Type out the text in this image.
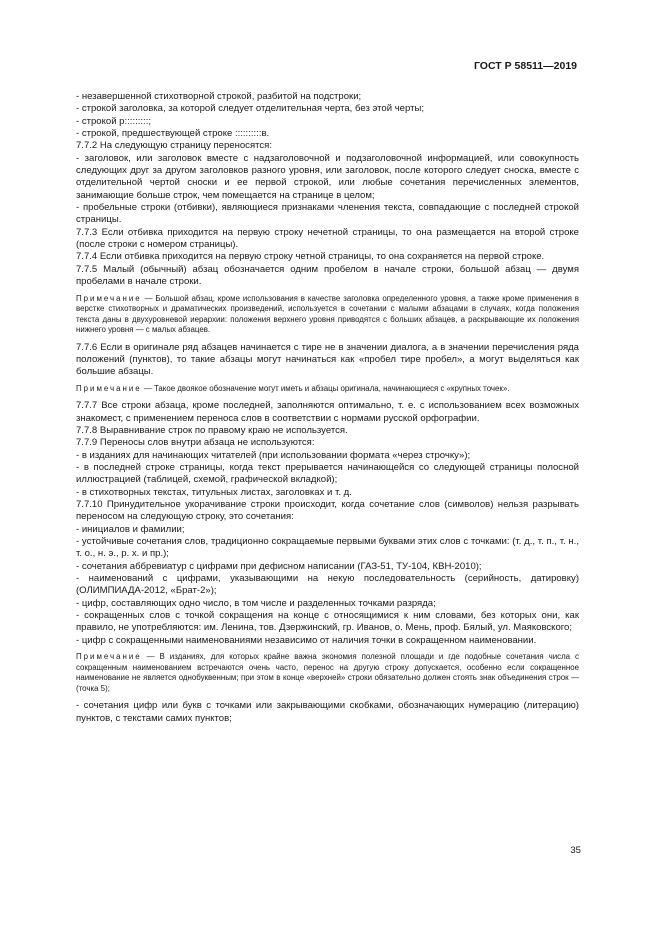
ГОСТ Р 58511—2019

- незавершенной стихотворной строкой, разбитой на подстроки;

- строкой заголовка, за которой следует отделительная черта, без этой черты;

- строкой р:::::::::;

- строкой, предшествующей строке ::::::::::в.

7.7.2 На следующую страницу переносятся:

- заголовок, или заголовок вместе с надзаголовочной и подзаголовочной информацией, или совокупность следующих друг за другом заголовков разного уровня, или заголовок, после которого следует сноска, вместе с отделительной чертой сноски и ее первой строкой, или любые сочетания перечисленных элементов, занимающие больше строк, чем помещается на странице в целом;

- пробельные строки (отбивки), являющиеся признаками членения текста, совпадающие с последней строкой страницы.

7.7.3 Если отбивка приходится на первую строку нечетной страницы, то она размещается на второй строке (после строки с номером страницы).

7.7.4 Если отбивка приходится на первую строку четной страницы, то она сохраняется на первой строке.

7.7.5 Малый (обычный) абзац обозначается одним пробелом в начале строки, большой абзац — двумя пробелами в начале строки.

Примечание — Большой абзац, кроме использования в качестве заголовка определенного уровня, а также кроме применения в верстке стихотворных и драматических произведений, используется в сочетании с малыми абзацами в случаях, когда положения текста даны в двухуровневой иерархии: положения верхнего уровня приводятся с больших абзацев, а раскрывающие их положения нижнего уровня — с малых абзацев.

7.7.6 Если в оригинале ряд абзацев начинается с тире не в значении диалога, а в значении перечисления ряда положений (пунктов), то такие абзацы могут начинаться как «пробел тире пробел», а могут выделяться как большие абзацы.

Примечание — Такое двоякое обозначение могут иметь и абзацы оригинала, начинающиеся с «крупных точек».

7.7.7 Все строки абзаца, кроме последней, заполняются оптимально, т. е. с использованием всех возможных знакомест, с применением переноса слов в соответствии с нормами русской орфографии.

7.7.8 Выравнивание строк по правому краю не используется.

7.7.9 Переносы слов внутри абзаца не используются:

- в изданиях для начинающих читателей (при использовании формата «через строчку»);

- в последней строке страницы, когда текст прерывается начинающейся со следующей страницы полосной иллюстрацией (таблицей, схемой, графической вкладкой);

- в стихотворных текстах, титульных листах, заголовках и т. д.

7.7.10 Принудительное укорачивание строки происходит, когда сочетание слов (символов) нельзя разрывать переносом на следующую строку, это сочетания:

- инициалов и фамилии;

- устойчивые сочетания слов, традиционно сокращаемые первыми буквами этих слов с точками: (т. д., т. п., т. н., т. о., н. э., р. х. и пр.);

- сочетания аббревиатур с цифрами при дефисном написании (ГАЗ-51, ТУ-104, КВН-2010);

- наименований с цифрами, указывающими на некую последовательность (серийность, датировку) (ОЛИМПИАДА-2012, «Брат-2»);

- цифр, составляющих одно число, в том числе и разделенных точками разряда;

- сокращенных слов с точкой сокращения на конце с относящимися к ним словами, без которых они, как правило, не употребляются: им. Ленина, тов. Дзержинский, гр. Иванов, о. Мень, проф. Бялый, ул. Маяковского;

- цифр с сокращенными наименованиями независимо от наличия точки в сокращенном наименовании.

Примечание — В изданиях, для которых крайне важна экономия полезной площади и где подобные сочетания числа с сокращенным наименованием встречаются очень часто, перенос на другую строку допускается, особенно если сокращенное наименование не является однобуквенным; при этом в конце «верхней» строки обязательно должен стоять знак объединения строк — (точка 5);

- сочетания цифр или букв с точками или закрывающими скобками, обозначающих нумерацию (литерацию) пунктов, с текстами самих пунктов;

35
